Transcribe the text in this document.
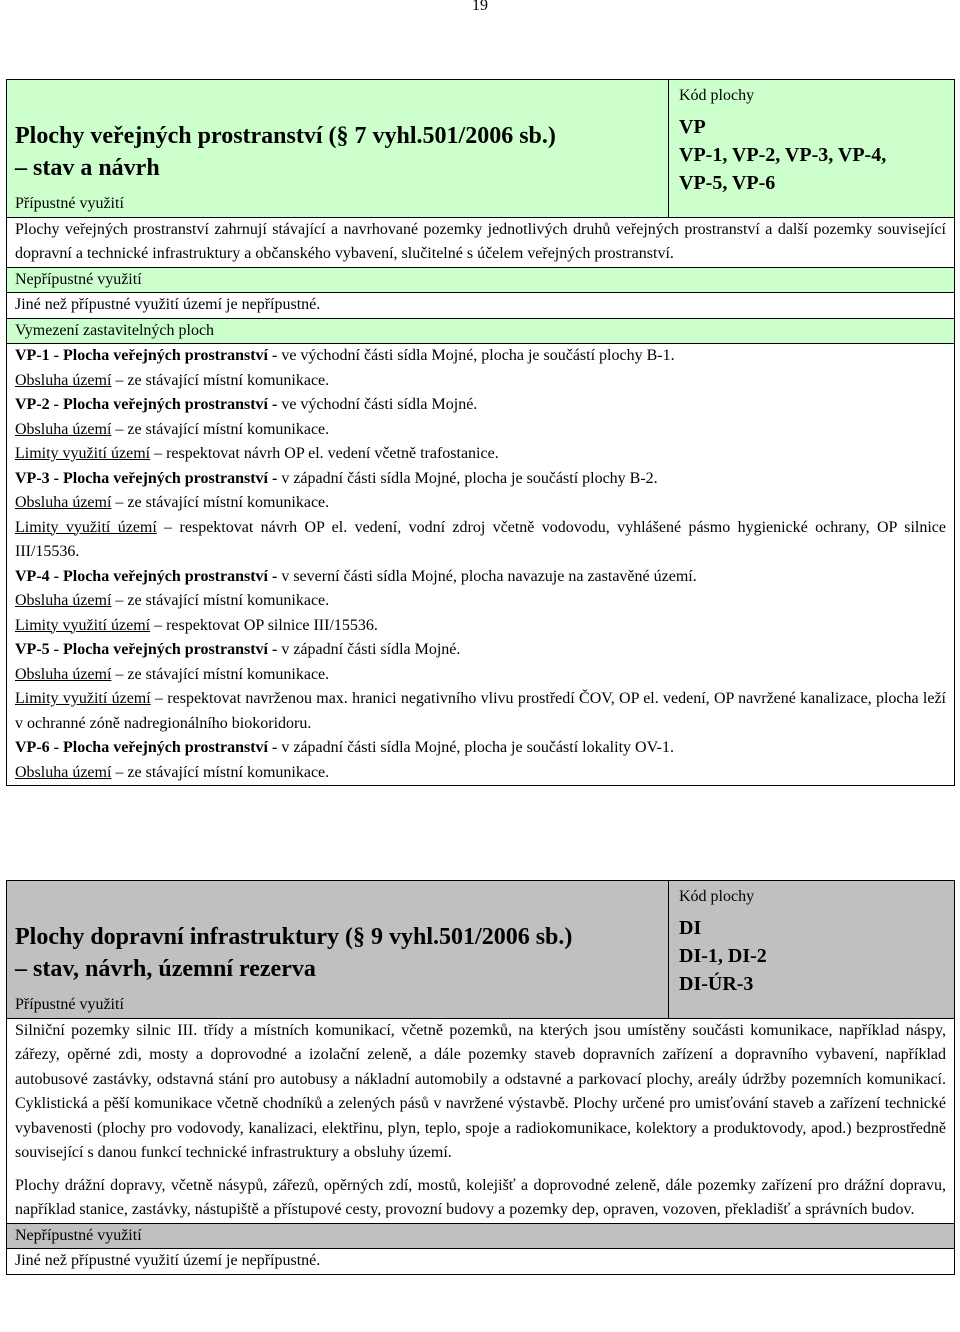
19
Plochy veřejných prostranství (§ 7 vyhl.501/2006 sb.)
– stav a návrh
Přípustné využití

Kód plochy
VP
VP-1, VP-2, VP-3, VP-4,
VP-5, VP-6

Plochy veřejných prostranství zahrnují stávající a navrhované pozemky jednotlivých druhů veřejných prostranství a další pozemky související dopravní a technické infrastruktury a občanského vybavení, slučitelné s účelem veřejných prostranství.
Nepřípustné využití
Jiné než přípustné využití území je nepřípustné.
Vymezení zastavitelných ploch

VP-1 - Plocha veřejných prostranství - ve východní části sídla Mojné, plocha je součástí plochy B-1.

Obsluha území – ze stávající místní komunikace.

VP-2 - Plocha veřejných prostranství - ve východní části sídla Mojné.

Obsluha území – ze stávající místní komunikace.

Limity využití území – respektovat návrh OP el. vedení včetně trafostanice.

VP-3 - Plocha veřejných prostranství - v západní části sídla Mojné, plocha je součástí plochy B-2.

Obsluha území – ze stávající místní komunikace.

Limity využití území – respektovat návrh OP el. vedení, vodní zdroj včetně vodovodu, vyhlášené pásmo hygienické ochrany, OP silnice III/15536.

VP-4 - Plocha veřejných prostranství - v severní části sídla Mojné, plocha navazuje na zastavěné území.

Obsluha území – ze stávající místní komunikace.

Limity využití území – respektovat OP silnice III/15536.

VP-5 - Plocha veřejných prostranství - v západní části sídla Mojné.

Obsluha území – ze stávající místní komunikace.

Limity využití území – respektovat navrženou max. hranici negativního vlivu prostředí ČOV, OP el. vedení, OP navržené kanalizace, plocha leží v ochranné zóně nadregionálního biokoridoru.

VP-6 - Plocha veřejných prostranství - v západní části sídla Mojné, plocha je součástí lokality OV-1.

Obsluha území – ze stávající místní komunikace.

Plochy dopravní infrastruktury (§ 9 vyhl.501/2006 sb.)
– stav, návrh, územní rezerva
Přípustné využití

Kód plochy
DI
DI-1, DI-2
DI-ÚR-3

Silniční pozemky silnic III. třídy a místních komunikací, včetně pozemků, na kterých jsou umístěny součásti komunikace, například náspy, zářezy, opěrné zdi, mosty a doprovodné a izolační zeleně, a dále pozemky staveb dopravních zařízení a dopravního vybavení, například autobusové zastávky, odstavná stání pro autobusy a nákladní automobily a odstavné a parkovací plochy, areály údržby pozemních komunikací. Cyklistická a pěší komunikace včetně chodníků a zelených pásů v navržené výstavbě. Plochy určené pro umisťování staveb a zařízení technické vybavenosti (plochy pro vodovody, kanalizaci, elektřinu, plyn, teplo, spoje a radiokomunikace, kolektory a produktovody, apod.) bezprostředně související s danou funkcí technické infrastruktury a obsluhy území.

Plochy drážní dopravy, včetně násypů, zářezů, opěrných zdí, mostů, kolejišť a doprovodné zeleně, dále pozemky zařízení pro drážní dopravu, například stanice, zastávky, nástupiště a přístupové cesty, provozní budovy a pozemky dep, opraven, vozoven, překladišť a správních budov.

Nepřípustné využití
Jiné než přípustné využití území je nepřípustné.
